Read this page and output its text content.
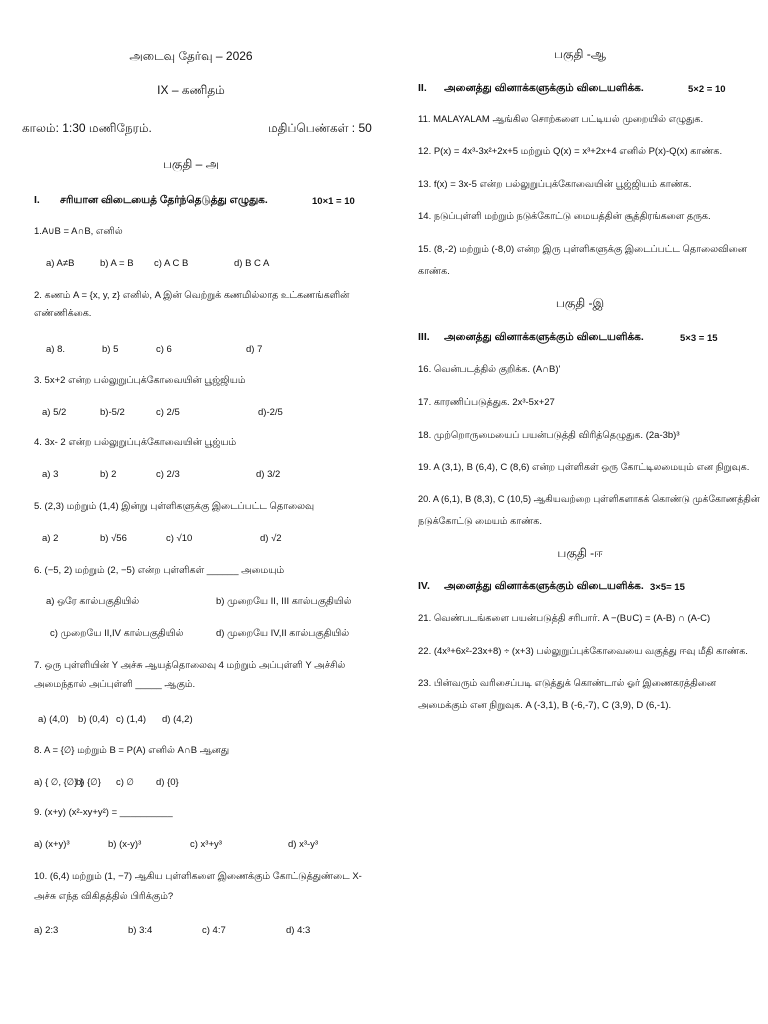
அடைவு தேர்வு – 2026
IX – கணிதம்
காலம்: 1:30 மணிநேரம்.	மதிப்பெண்கள் : 50
பகுதி – அ
I. சரியான விடையைத் தேர்ந்தெடுத்து எழுதுக.	10×1 = 10
1.A∪B = A∩B, எனில்
a) A≠B	b) A = B c) A C B	d) B C A
2. கணம் A = {x, y, z} எனில், A இன் வெற்றுக் கணமில்லாத உட்கணங்களின்
எண்ணிக்கை.
a) 8.	b) 5	c) 6	d) 7
3. 5x+2 என்ற பல்லுறுப்புக்கோவையின் பூஜ்ஜியம்
a) 5/2	b)-5/2	c) 2/5	d)-2/5
4. 3x- 2 என்ற பல்லுறுப்புக்கோவையின் பூஜ்யம்
a) 3	b) 2	c) 2/3	d) 3/2
5. (2,3) மற்றும் (1,4) இன்று புள்ளிகளுக்கு இடைப்பட்ட தொலைவு
a) 2	b) √56	c) √10	d) √2
6. (−5, 2) மற்றும் (2, −5) என்ற புள்ளிகள் ______ அமையும்
a) ஒரே கால்பகுதியில்	b) முறையே II, III கால்பகுதியில்
c) முறையே II,IV கால்பகுதியில்	d) முறையே IV,II கால்பகுதியில்
7. ஒரு புள்ளியின் Y அச்சு ஆயத்தொலைவு 4 மற்றும் அப்புள்ளி Y அச்சில்
அமைந்தால் அப்புள்ளி _____ ஆகும்.
a) (4,0) b) (0,4) c) (1,4) d) (4,2)
8. A = {∅} மற்றும் B = P(A) எனில் A∩B ஆனது
a) { ∅, {∅} }
b) {∅} c) ∅ d) {0}
9. (x+y) (x²-xy+y²) = __________
a) (x+y)³	b) (x-y)³	c) x³+y³	d) x³-y³
10. (6,4) மற்றும் (1, −7) ஆகிய புள்ளிகளை இணைக்கும் கோட்டுத்துண்டை X-
அச்சு எந்த விகிதத்தில் பிரிக்கும்?
a) 2:3	b) 3:4	c) 4:7	d) 4:3
பகுதி -ஆ
II. அனைத்து வினாக்களுக்கும் விடையளிக்க.	5×2 = 10
11. MALAYALAM ஆங்கில சொற்களை பட்டியல் முறையில் எழுதுக.
12. P(x) = 4x³-3x²+2x+5 மற்றும் Q(x) = x³+2x+4 எனில் P(x)-Q(x) காண்க.
13. f(x) = 3x-5 என்ற பல்லுறுப்புக்கோவையின் பூஜ்ஜியம் காண்க.
14. நடுப்புள்ளி மற்றும் நடுக்கோட்டு மையத்தின் சூத்திரங்களை தருக.
15. (8,-2) மற்றும் (-8,0) என்ற இரு புள்ளிகளுக்கு இடைப்பட்ட தொலைவினை
காண்க.
பகுதி -இ
III. அனைத்து வினாக்களுக்கும் விடையளிக்க.	5×3 = 15
16. வென்படத்தில் குறிக்க. (A∩B)'
17. காரணிப்படுத்துக. 2x³-5x+27
18. முற்றொருமையைப் பயன்படுத்தி விரித்தெழுதுக. (2a-3b)³
19. A (3,1), B (6,4), C (8,6) என்ற புள்ளிகள் ஒரு கோட்டிலமையும் என நிறுவுக.
20. A (6,1), B (8,3), C (10,5) ஆகியவற்றை புள்ளிகளாகக் கொண்டு முக்கோணத்தின்
நடுக்கோட்டு மையம் காண்க.
பகுதி -ஈ
IV. அனைத்து வினாக்களுக்கும் விடையளிக்க. 3×5= 15
21. வெண்படங்களை பயன்படுத்தி சரிபார். A −(B∪C) = (A-B) ∩ (A-C)
22. (4x³+6x²-23x+8) ÷ (x+3) பல்லுறுப்புக்கோவையை வகுத்து ஈவு மீதி காண்க.
23. பின்வரும் வரிசைப்படி எடுத்துக் கொண்டால் ஓர் இணைகரத்தினை
அமைக்கும் என நிறுவுக. A (-3,1), B (-6,-7), C (3,9), D (6,-1).
